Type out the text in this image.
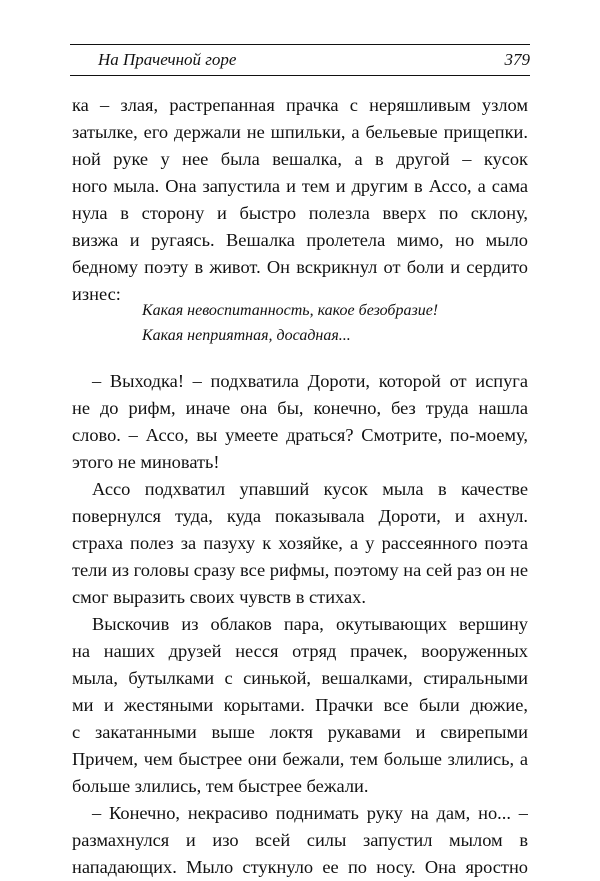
На Прачечной горе	379
ка – злая, растрепанная прачка с неряшливым узлом
затылке, его держали не шпильки, а бельевые прищепки.
ной руке у нее была вешалка, а в другой – кусок
ного мыла. Она запустила и тем и другим в Ассо, а сама
нула в сторону и быстро полезла вверх по склону,
визжа и ругаясь. Вешалка пролетела мимо, но мыло
бедному поэту в живот. Он вскрикнул от боли и сердито
изнес:
Какая невоспитанность, какое безобразие!
Какая неприятная, досадная...
– Выходка! – подхватила Дороти, которой от испуга
не до рифм, иначе она бы, конечно, без труда нашла
слово. – Ассо, вы умеете драться? Смотрите, по-моему,
этого не миновать!
Ассо подхватил упавший кусок мыла в качестве
повернулся туда, куда показывала Дороти, и ахнул.
страха полез за пазуху к хозяйке, а у рассеянного поэта
тели из головы сразу все рифмы, поэтому на сей раз он не
смог выразить своих чувств в стихах.
Выскочив из облаков пара, окутывающих вершину
на наших друзей несся отряд прачек, вооруженных
мыла, бутылками с синькой, вешалками, стиральными
ми и жестяными корытами. Прачки все были дюжие,
с закатанными выше локтя рукавами и свирепыми
Причем, чем быстрее они бежали, тем больше злились, а
больше злились, тем быстрее бежали.
– Конечно, некрасиво поднимать руку на дам, но... –
размахнулся и изо всей силы запустил мылом в
нападающих. Мыло стукнуло ее по носу. Она яростно
